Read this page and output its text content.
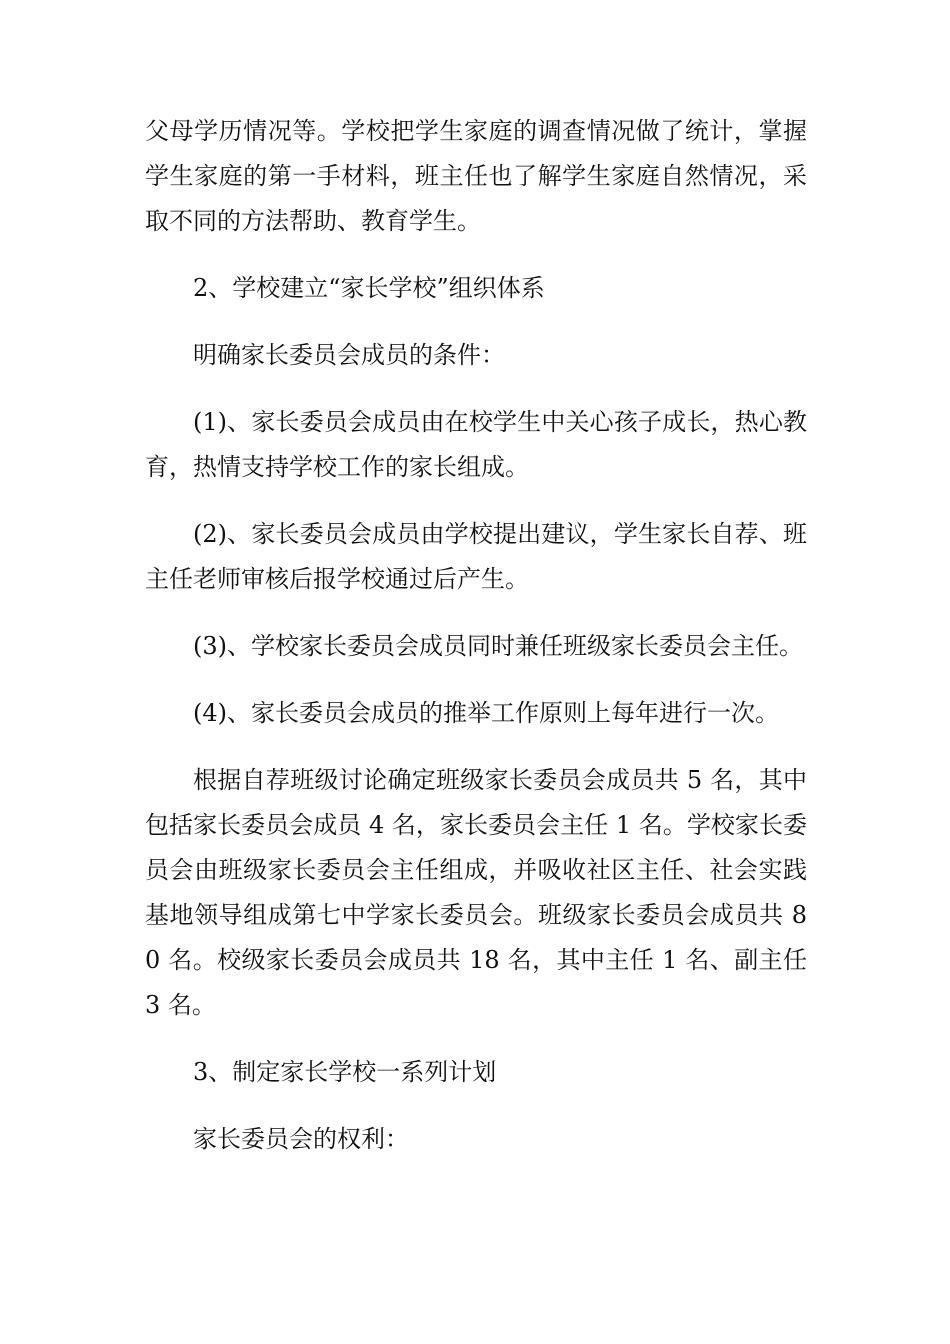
父母学历情况等。学校把学生家庭的调查情况做了统计，掌握学生家庭的第一手材料，班主任也了解学生家庭自然情况，采取不同的方法帮助、教育学生。

2、学校建立“家长学校”组织体系

明确家长委员会成员的条件：

(1)、家长委员会成员由在校学生中关心孩子成长，热心教育，热情支持学校工作的家长组成。

(2)、家长委员会成员由学校提出建议，学生家长自荐、班主任老师审核后报学校通过后产生。

(3)、学校家长委员会成员同时兼任班级家长委员会主任。

(4)、家长委员会成员的推举工作原则上每年进行一次。

根据自荐班级讨论确定班级家长委员会成员共 5 名，其中包括家长委员会成员 4 名，家长委员会主任 1 名。学校家长委员会由班级家长委员会主任组成，并吸收社区主任、社会实践基地领导组成第七中学家长委员会。班级家长委员会成员共 80 名。校级家长委员会成员共 18 名，其中主任 1 名、副主任 3 名。

3、制定家长学校一系列计划

家长委员会的权利：
